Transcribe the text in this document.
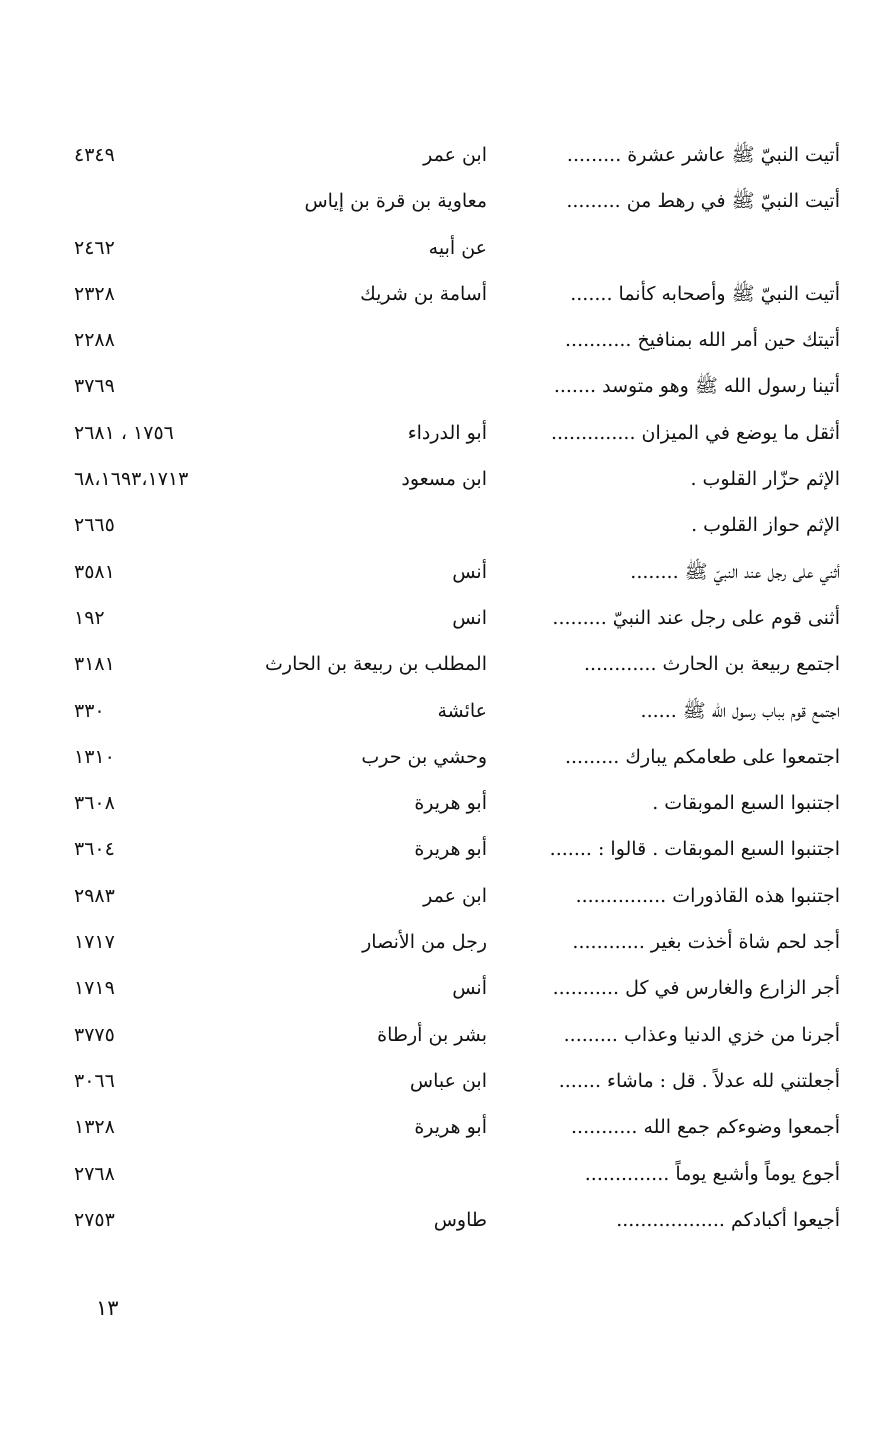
أتيت النبيّ ﷺ عاشر عشرة .........
ابن عمر
٤٣٤٩
أتيت النبيّ ﷺ في رهط من .........
معاوية بن قرة بن إياس
عن أبيه
٢٤٦٢
أتيت النبيّ ﷺ وأصحابه كأنما .......
أسامة بن شريك
٢٣٢٨
أتيتك حين أمر الله بمنافيخ ...........
٢٢٨٨
أتينا رسول الله ﷺ وهو متوسد .......
٣٧٦٩
أثقل ما يوضع في الميزان ..............
أبو الدرداء
١٧٥٦ ، ٢٦٨١
الإثم حزّار القلوب .
ابن مسعود
٦٨،١٦٩٣،١٧١٣
الإثم حواز القلوب .
٢٦٦٥
أثني على رجل عند النبيّ ﷺ ........
أنس
٣٥٨١
أثنى قوم على رجل عند النبيّ .........
انس
١٩٢
اجتمع ربيعة بن الحارث ............
المطلب بن ربيعة بن الحارث
٣١٨١
اجتمع قوم بباب رسول الله ﷺ ......
عائشة
٣٣٠
اجتمعوا على طعامكم يبارك .........
وحشي بن حرب
١٣١٠
اجتنبوا السبع الموبقات .
أبو هريرة
٣٦٠٨
اجتنبوا السبع الموبقات . قالوا : .......
أبو هريرة
٣٦٠٤
اجتنبوا هذه القاذورات ...............
ابن عمر
٢٩٨٣
أجد لحم شاة أخذت بغير ............
رجل من الأنصار
١٧١٧
أجر الزارع والغارس في كل ...........
أنس
١٧١٩
أجرنا من خزي الدنيا وعذاب .........
بشر بن أرطاة
٣٧٧٥
أجعلتني لله عدلاً . قل : ماشاء .......
ابن عباس
٣٠٦٦
أجمعوا وضوءكم جمع الله ...........
أبو هريرة
١٣٢٨
أجوع يوماً وأشبع يوماً ..............
٢٧٦٨
أجيعوا أكبادكم ..................
طاوس
٢٧٥٣
١٣
